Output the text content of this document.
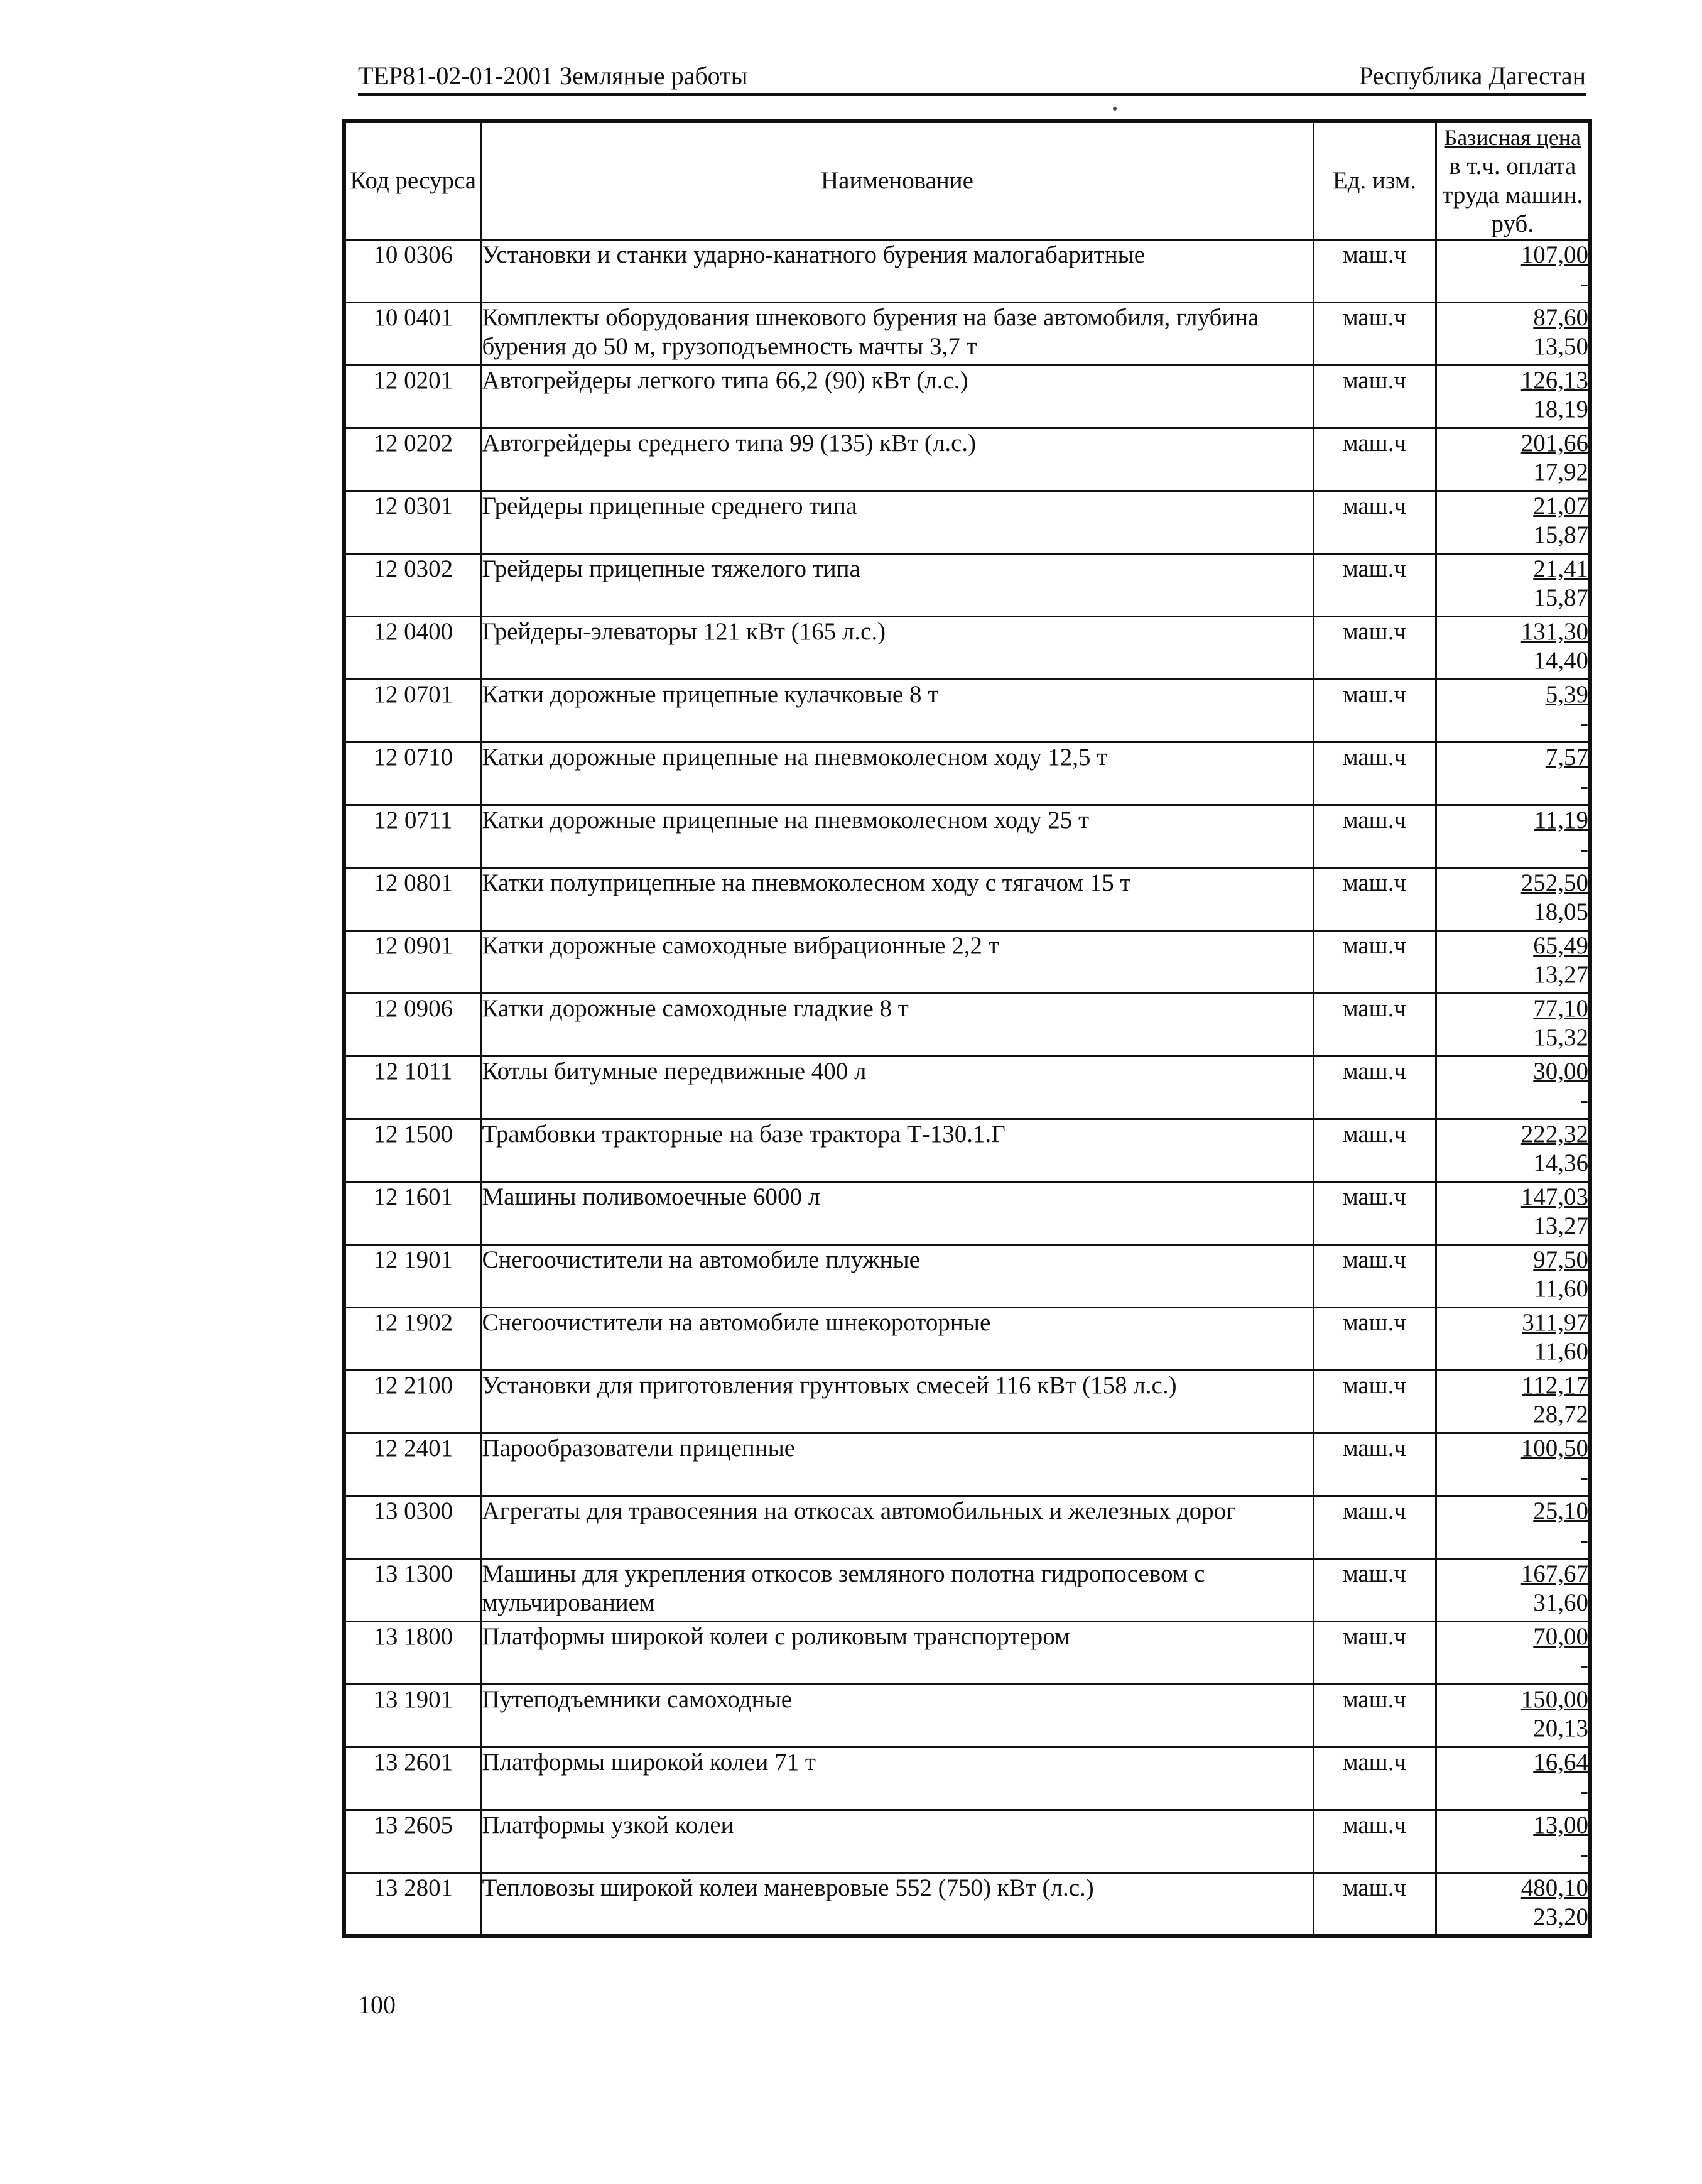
ТЕР81-02-01-2001 Земляные работы	Республика Дагестан
Код ресурса	Наименование	Ед. изм.	Базисная цена
в т.ч. оплата труда машин. руб.
10 0306	Установки и станки ударно-канатного бурения малогабаритные	маш.ч	107,00
-

10 0401	Комплекты оборудования шнекового бурения на базе автомобиля, глубина бурения до 50 м, грузоподъемность мачты 3,7 т	маш.ч	87,60
13,50

12 0201	Автогрейдеры легкого типа 66,2 (90) кВт (л.с.)	маш.ч	126,13
18,19

12 0202	Автогрейдеры среднего типа 99 (135) кВт (л.с.)	маш.ч	201,66
17,92

12 0301	Грейдеры прицепные среднего типа	маш.ч	21,07
15,87

12 0302	Грейдеры прицепные тяжелого типа	маш.ч	21,41
15,87

12 0400	Грейдеры-элеваторы 121 кВт (165 л.с.)	маш.ч	131,30
14,40

12 0701	Катки дорожные прицепные кулачковые 8 т	маш.ч	5,39
-

12 0710	Катки дорожные прицепные на пневмоколесном ходу 12,5 т	маш.ч	7,57
-

12 0711	Катки дорожные прицепные на пневмоколесном ходу 25 т	маш.ч	11,19
-

12 0801	Катки полуприцепные на пневмоколесном ходу с тягачом 15 т	маш.ч	252,50
18,05

12 0901	Катки дорожные самоходные вибрационные 2,2 т	маш.ч	65,49
13,27

12 0906	Катки дорожные самоходные гладкие 8 т	маш.ч	77,10
15,32

12 1011	Котлы битумные передвижные 400 л	маш.ч	30,00
-

12 1500	Трамбовки тракторные на базе трактора Т-130.1.Г	маш.ч	222,32
14,36

12 1601	Машины поливомоечные 6000 л	маш.ч	147,03
13,27

12 1901	Снегоочистители на автомобиле плужные	маш.ч	97,50
11,60

12 1902	Снегоочистители на автомобиле шнекороторные	маш.ч	311,97
11,60

12 2100	Установки для приготовления грунтовых смесей 116 кВт (158 л.с.)	маш.ч	112,17
28,72

12 2401	Парообразователи прицепные	маш.ч	100,50
-

13 0300	Агрегаты для травосеяния на откосах автомобильных и железных дорог	маш.ч	25,10
-

13 1300	Машины для укрепления откосов земляного полотна гидропосевом с мульчированием	маш.ч	167,67
31,60

13 1800	Платформы широкой колеи с роликовым транспортером	маш.ч	70,00
-

13 1901	Путеподъемники самоходные	маш.ч	150,00
20,13

13 2601	Платформы широкой колеи 71 т	маш.ч	16,64
-

13 2605	Платформы узкой колеи	маш.ч	13,00
-

13 2801	Тепловозы широкой колеи маневровые 552 (750) кВт (л.с.)	маш.ч	480,10
23,20
100
